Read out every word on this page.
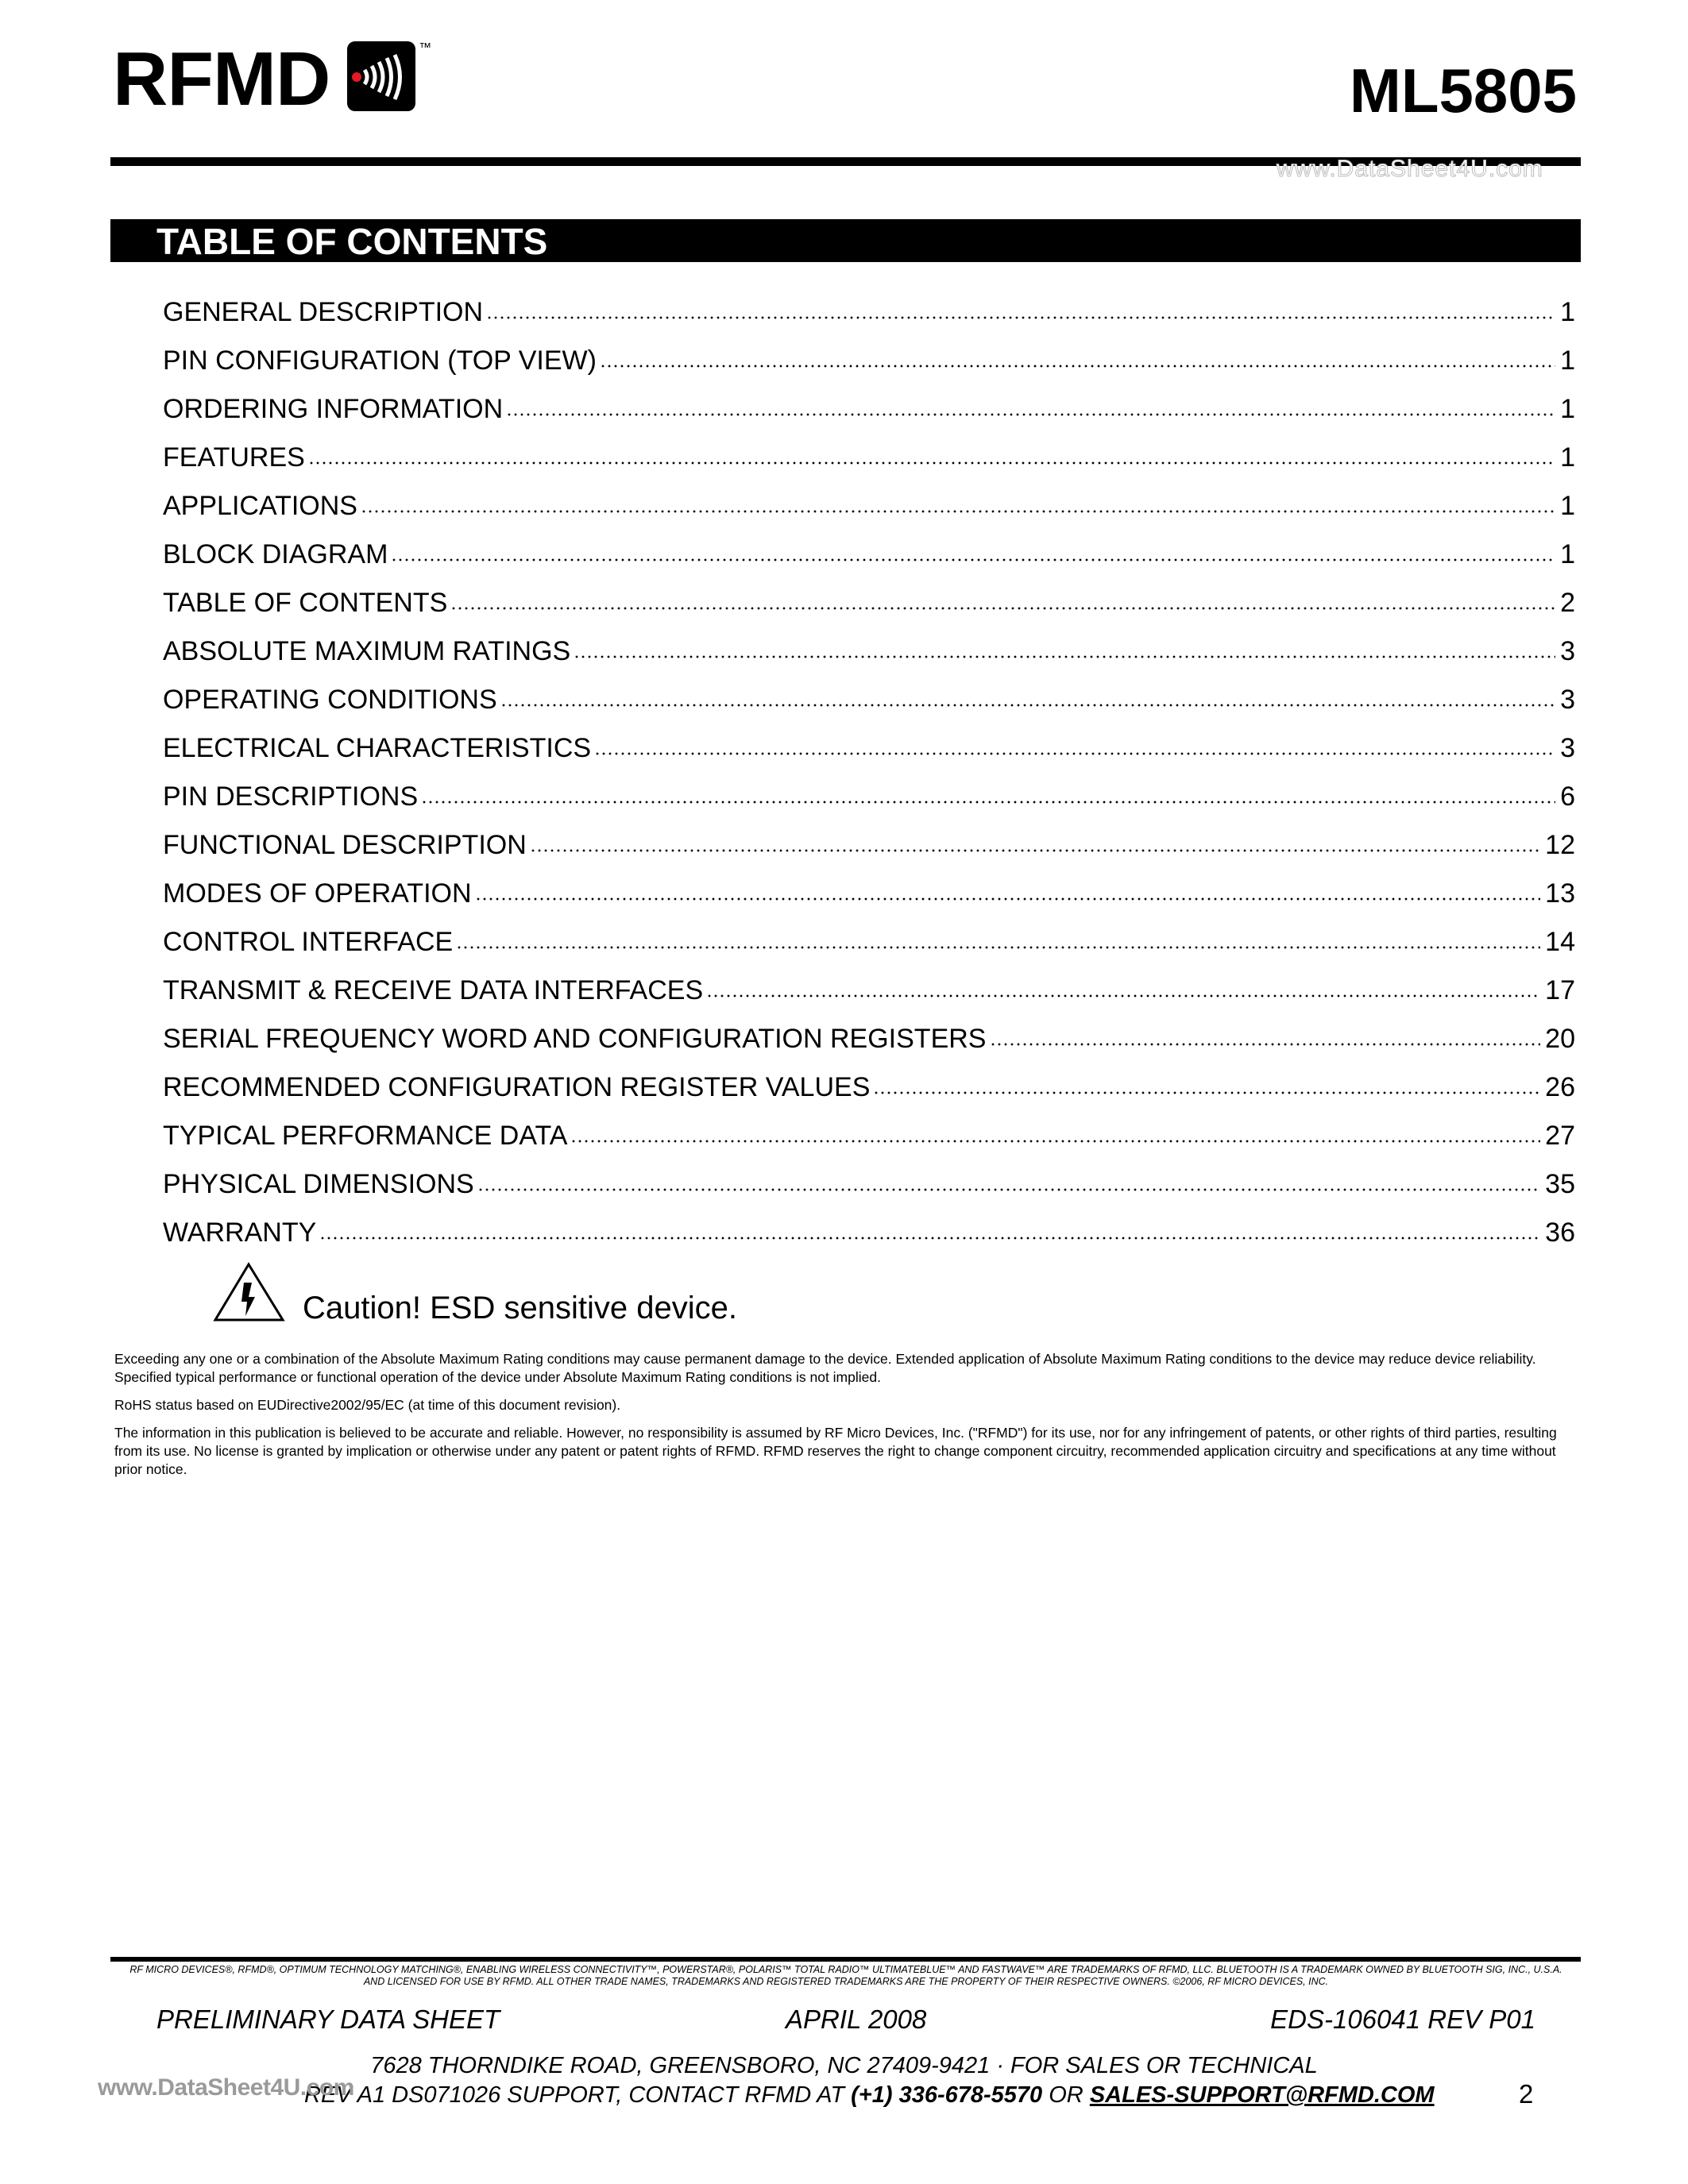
RFMD	™
ML5805
www.DataSheet4U.com
TABLE OF CONTENTS
GENERAL DESCRIPTION	1
PIN CONFIGURATION (TOP VIEW)	1
ORDERING INFORMATION	1
FEATURES	1
APPLICATIONS	1
BLOCK DIAGRAM	1
TABLE OF CONTENTS	2
ABSOLUTE MAXIMUM RATINGS	3
OPERATING CONDITIONS	3
ELECTRICAL CHARACTERISTICS	3
PIN DESCRIPTIONS	6
FUNCTIONAL DESCRIPTION	12
MODES OF OPERATION	13
CONTROL INTERFACE	14
TRANSMIT & RECEIVE DATA INTERFACES	17
SERIAL FREQUENCY WORD AND CONFIGURATION REGISTERS	20
RECOMMENDED CONFIGURATION REGISTER VALUES	26
TYPICAL PERFORMANCE DATA	27
PHYSICAL DIMENSIONS	35
WARRANTY	36
Caution! ESD sensitive device.

Exceeding any one or a combination of the Absolute Maximum Rating conditions may cause permanent damage to the device. Extended application of Absolute Maximum Rating conditions to the device may reduce device reliability. Specified typical performance or functional operation of the device under Absolute Maximum Rating conditions is not implied.

RoHS status based on EUDirective2002/95/EC (at time of this document revision).

The information in this publication is believed to be accurate and reliable. However, no responsibility is assumed by RF Micro Devices, Inc. ("RFMD") for its use, nor for any infringement of patents, or other rights of third parties, resulting from its use. No license is granted by implication or otherwise under any patent or patent rights of RFMD. RFMD reserves the right to change component circuitry, recommended application circuitry and specifications at any time without prior notice.

RF MICRO DEVICES®, RFMD®, OPTIMUM TECHNOLOGY MATCHING®, ENABLING WIRELESS CONNECTIVITY™, POWERSTAR®, POLARIS™ TOTAL RADIO™ ULTIMATEBLUE™ AND FASTWAVE™ ARE TRADEMARKS OF RFMD, LLC. BLUETOOTH IS A TRADEMARK OWNED BY BLUETOOTH SIG, INC., U.S.A. AND LICENSED FOR USE BY RFMD. ALL OTHER TRADE NAMES, TRADEMARKS AND REGISTERED TRADEMARKS ARE THE PROPERTY OF THEIR RESPECTIVE OWNERS. ©2006, RF MICRO DEVICES, INC.
PRELIMINARY DATA SHEET	APRIL 2008	EDS-106041 REV P01
7628 THORNDIKE ROAD, GREENSBORO, NC 27409-9421 · FOR SALES OR TECHNICAL
REV A1 DS071026 SUPPORT, CONTACT RFMD AT (+1) 336-678-5570 OR SALES-SUPPORT@RFMD.COM
www.DataSheet4U.com	2
